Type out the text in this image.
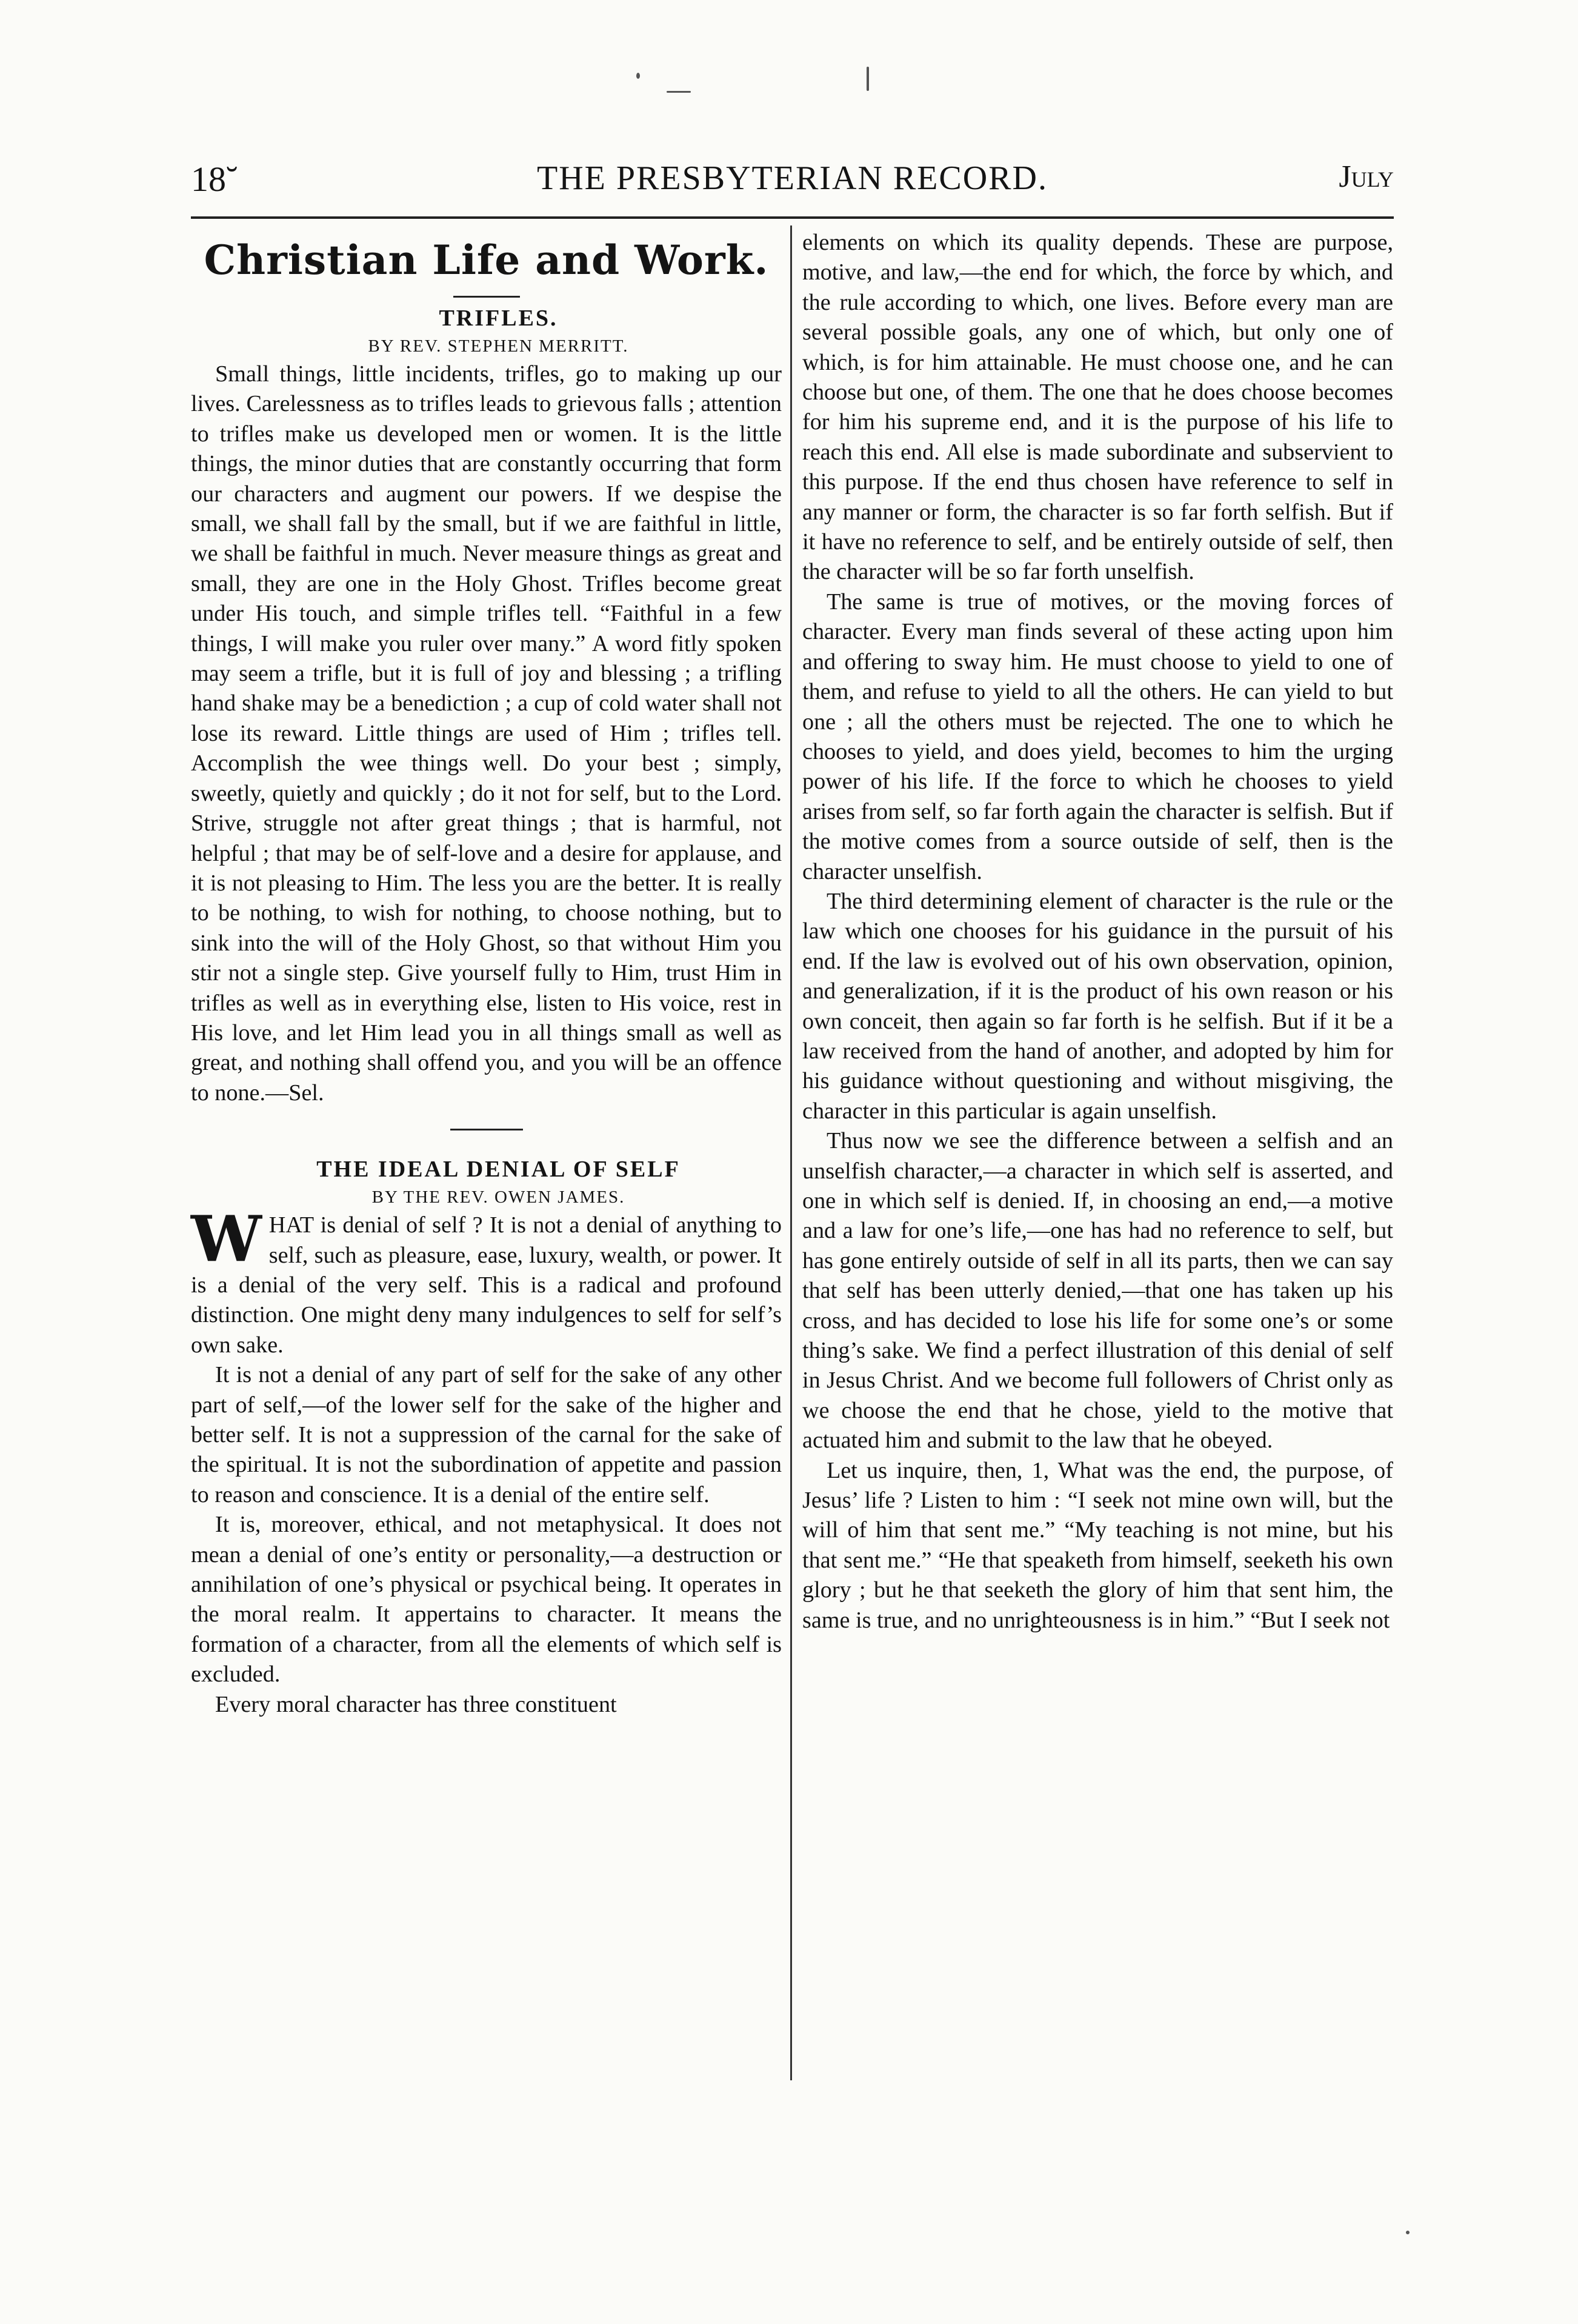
18˘	THE PRESBYTERIAN RECORD.	July
Christian Life and Work.

TRIFLES.

BY REV. STEPHEN MERRITT.

Small things, little incidents, trifles, go to making up our lives. Carelessness as to trifles leads to grievous falls ; attention to trifles make us developed men or women. It is the little things, the minor duties that are constantly occurring that form our characters and augment our powers. If we despise the small, we shall fall by the small, but if we are faithful in little, we shall be faithful in much. Never measure things as great and small, they are one in the Holy Ghost. Trifles become great under His touch, and simple trifles tell. “Faithful in a few things, I will make you ruler over many.” A word fitly spoken may seem a trifle, but it is full of joy and blessing ; a trifling hand shake may be a benediction ; a cup of cold water shall not lose its reward. Little things are used of Him ; trifles tell. Accomplish the wee things well. Do your best ; simply, sweetly, quietly and quickly ; do it not for self, but to the Lord. Strive, struggle not after great things ; that is harmful, not helpful ; that may be of self-love and a desire for applause, and it is not pleasing to Him. The less you are the better. It is really to be nothing, to wish for nothing, to choose nothing, but to sink into the will of the Holy Ghost, so that without Him you stir not a single step. Give yourself fully to Him, trust Him in trifles as well as in everything else, listen to His voice, rest in His love, and let Him lead you in all things small as well as great, and nothing shall offend you, and you will be an offence to none.—Sel.

THE IDEAL DENIAL OF SELF

BY THE REV. OWEN JAMES.

WHAT is denial of self ? It is not a denial of anything to self, such as pleasure, ease, luxury, wealth, or power. It is a denial of the very self. This is a radical and profound distinction. One might deny many indulgences to self for self’s own sake.

It is not a denial of any part of self for the sake of any other part of self,—of the lower self for the sake of the higher and better self. It is not a suppression of the carnal for the sake of the spiritual. It is not the subordination of appetite and passion to reason and conscience. It is a denial of the entire self.

It is, moreover, ethical, and not metaphysical. It does not mean a denial of one’s entity or personality,—a destruction or annihilation of one’s physical or psychical being. It operates in the moral realm. It appertains to character. It means the formation of a character, from all the elements of which self is excluded.

Every moral character has three constituent

elements on which its quality depends. These are purpose, motive, and law,—the end for which, the force by which, and the rule according to which, one lives. Before every man are several possible goals, any one of which, but only one of which, is for him attainable. He must choose one, and he can choose but one, of them. The one that he does choose becomes for him his supreme end, and it is the purpose of his life to reach this end. All else is made subordinate and subservient to this purpose. If the end thus chosen have reference to self in any manner or form, the character is so far forth selfish. But if it have no reference to self, and be entirely outside of self, then the character will be so far forth unselfish.

The same is true of motives, or the moving forces of character. Every man finds several of these acting upon him and offering to sway him. He must choose to yield to one of them, and refuse to yield to all the others. He can yield to but one ; all the others must be rejected. The one to which he chooses to yield, and does yield, becomes to him the urging power of his life. If the force to which he chooses to yield arises from self, so far forth again the character is selfish. But if the motive comes from a source outside of self, then is the character unselfish.

The third determining element of character is the rule or the law which one chooses for his guidance in the pursuit of his end. If the law is evolved out of his own observation, opinion, and generalization, if it is the product of his own reason or his own conceit, then again so far forth is he selfish. But if it be a law received from the hand of another, and adopted by him for his guidance without questioning and without misgiving, the character in this particular is again unselfish.

Thus now we see the difference between a selfish and an unselfish character,—a character in which self is asserted, and one in which self is denied. If, in choosing an end,—a motive and a law for one’s life,—one has had no reference to self, but has gone entirely outside of self in all its parts, then we can say that self has been utterly denied,—that one has taken up his cross, and has decided to lose his life for some one’s or some thing’s sake. We find a perfect illustration of this denial of self in Jesus Christ. And we become full followers of Christ only as we choose the end that he chose, yield to the motive that actuated him and submit to the law that he obeyed.

Let us inquire, then, 1, What was the end, the purpose, of Jesus’ life ? Listen to him : “I seek not mine own will, but the will of him that sent me.” “My teaching is not mine, but his that sent me.” “He that speaketh from himself, seeketh his own glory ; but he that seeketh the glory of him that sent him, the same is true, and no unrighteousness is in him.” “But I seek not
